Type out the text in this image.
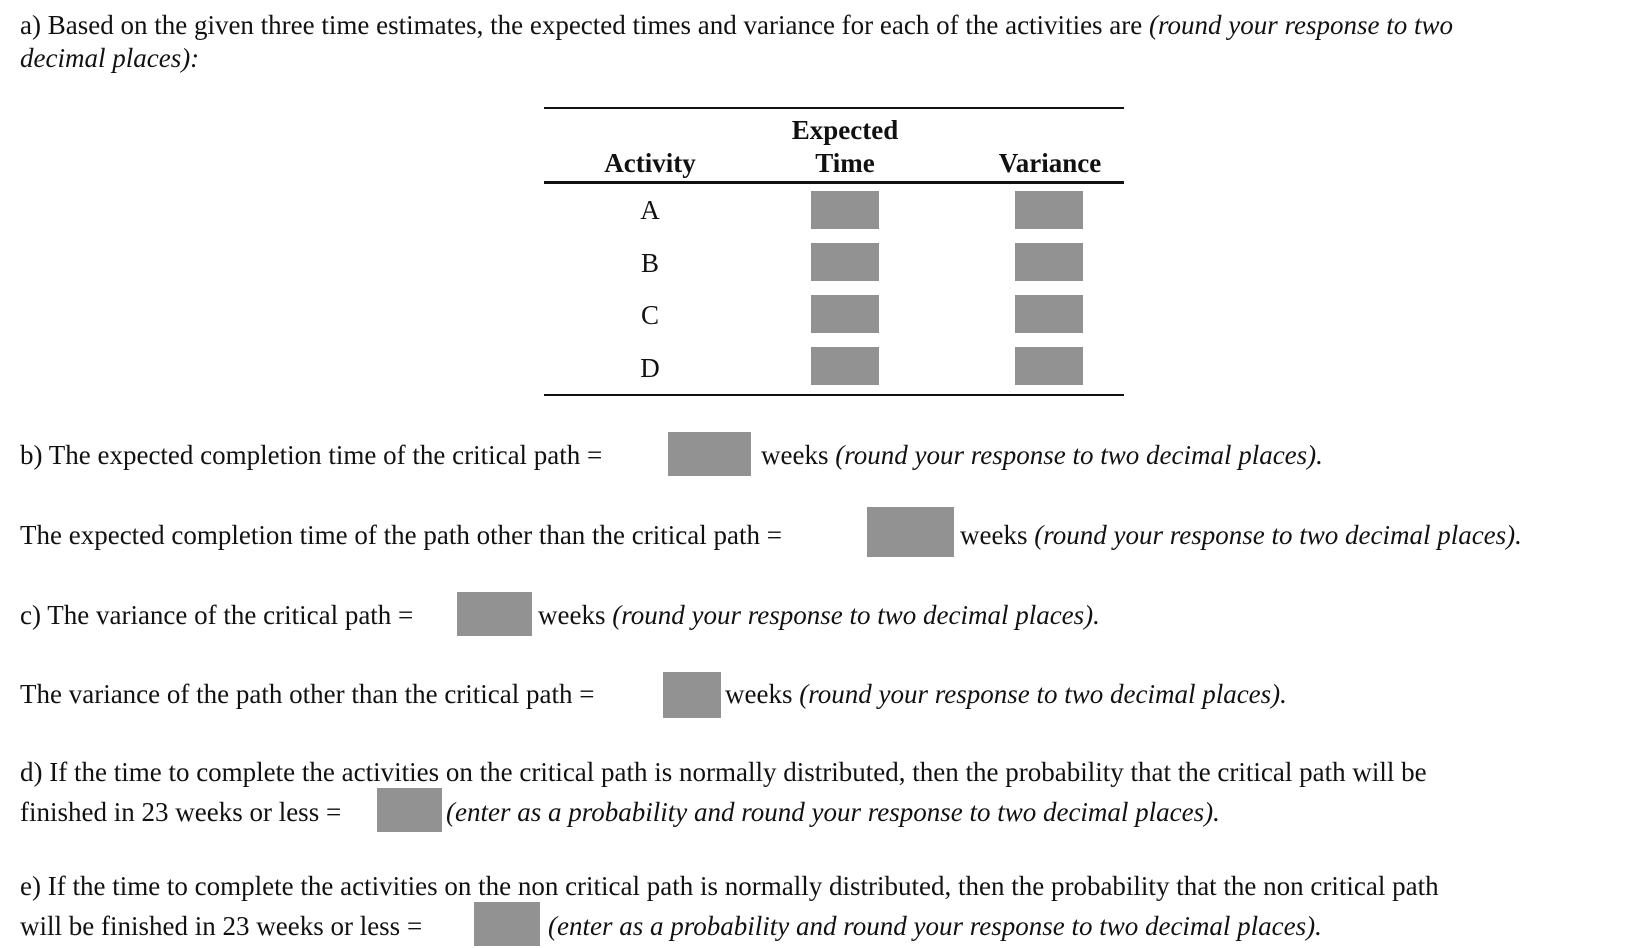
a) Based on the given three time estimates, the expected times and variance for each of the activities are (round your response to two
decimal places):
Expected
Activity	Time	Variance
A
B
C
D
b) The expected completion time of the critical path =	weeks (round your response to two decimal places).
The expected completion time of the path other than the critical path =	weeks (round your response to two decimal places).
c) The variance of the critical path =	weeks (round your response to two decimal places).
The variance of the path other than the critical path =	weeks (round your response to two decimal places).
d) If the time to complete the activities on the critical path is normally distributed, then the probability that the critical path will be
finished in 23 weeks or less =	(enter as a probability and round your response to two decimal places).
e) If the time to complete the activities on the non critical path is normally distributed, then the probability that the non critical path
will be finished in 23 weeks or less =	(enter as a probability and round your response to two decimal places).
